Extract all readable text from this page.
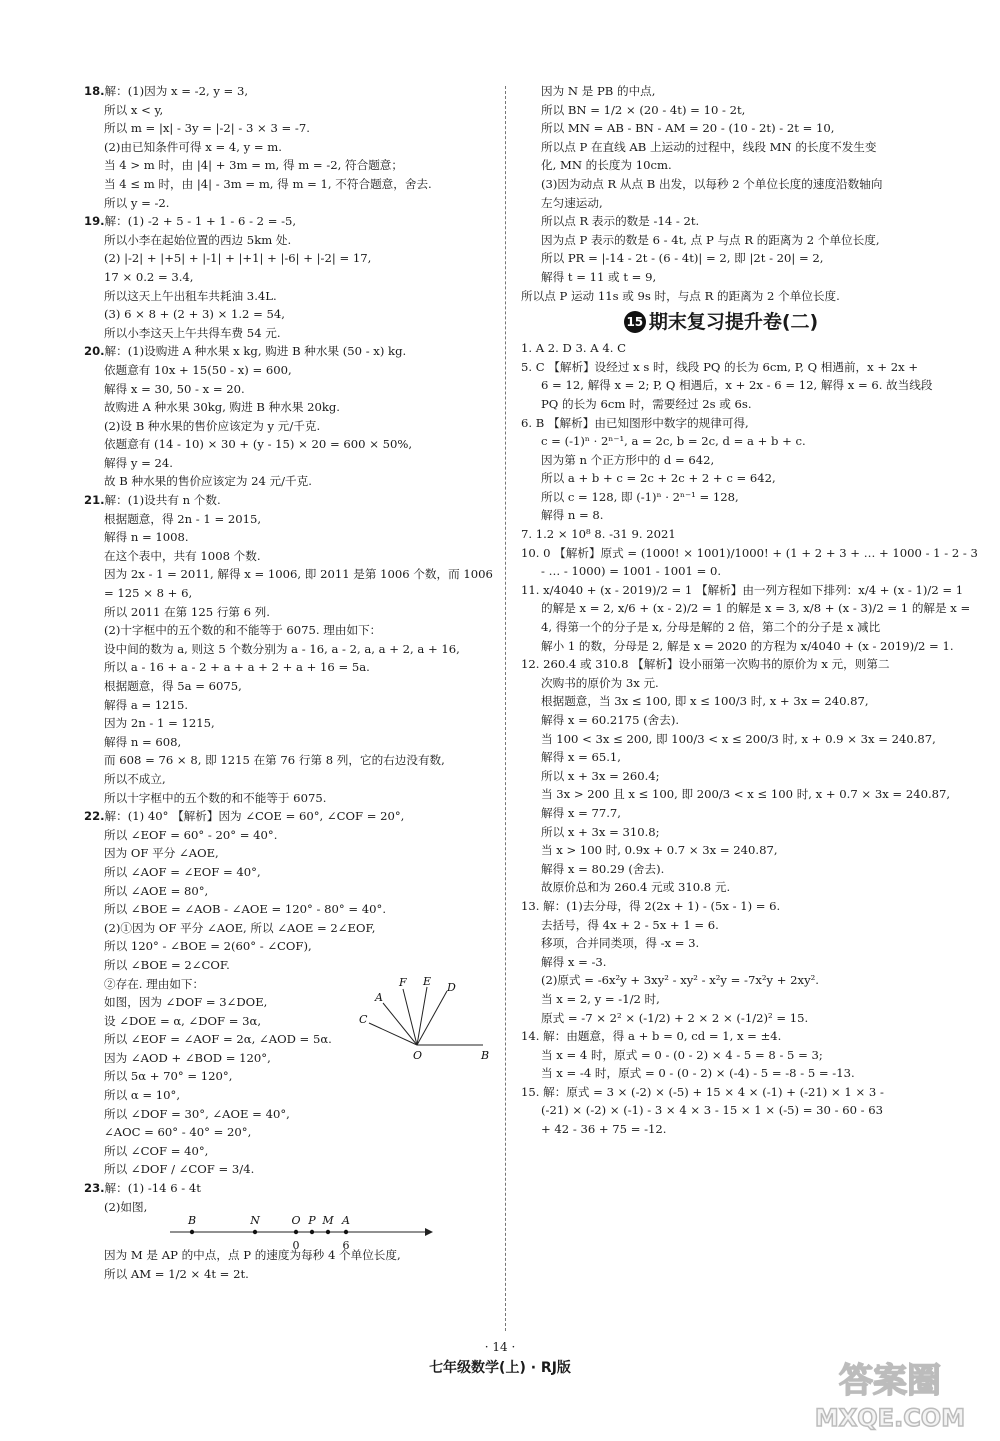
18.解：(1)因为 x = -2, y = 3,
所以 x < y,
所以 m = |x| - 3y = |-2| - 3 × 3 = -7.
(2)由已知条件可得 x = 4, y = m.
当 4 > m 时，由 |4| + 3m = m, 得 m = -2, 符合题意；
当 4 ≤ m 时，由 |4| - 3m = m, 得 m = 1, 不符合题意，舍去.
所以 y = -2.
19.解：(1) -2 + 5 - 1 + 1 - 6 - 2 = -5,
所以小李在起始位置的西边 5km 处.
(2) |-2| + |+5| + |-1| + |+1| + |-6| + |-2| = 17,
17 × 0.2 = 3.4,
所以这天上午出租车共耗油 3.4L.
(3) 6 × 8 + (2 + 3) × 1.2 = 54,
所以小李这天上午共得车费 54 元.
20.解：(1)设购进 A 种水果 x kg, 购进 B 种水果 (50 - x) kg.
依题意有 10x + 15(50 - x) = 600,
解得 x = 30, 50 - x = 20.
故购进 A 种水果 30kg, 购进 B 种水果 20kg.
(2)设 B 种水果的售价应该定为 y 元/千克.
依题意有 (14 - 10) × 30 + (y - 15) × 20 = 600 × 50%,
解得 y = 24.
故 B 种水果的售价应该定为 24 元/千克.
21.解：(1)设共有 n 个数.
根据题意，得 2n - 1 = 2015,
解得 n = 1008.
在这个表中，共有 1008 个数.
因为 2x - 1 = 2011, 解得 x = 1006, 即 2011 是第 1006 个数，而 1006
= 125 × 8 + 6,
所以 2011 在第 125 行第 6 列.
(2)十字框中的五个数的和不能等于 6075. 理由如下：
设中间的数为 a, 则这 5 个数分别为 a - 16, a - 2, a, a + 2, a + 16,
所以 a - 16 + a - 2 + a + a + 2 + a + 16 = 5a.
根据题意，得 5a = 6075,
解得 a = 1215.
因为 2n - 1 = 1215,
解得 n = 608,
而 608 = 76 × 8, 即 1215 在第 76 行第 8 列，它的右边没有数,
所以不成立,
所以十字框中的五个数的和不能等于 6075.
22.解：(1) 40° 【解析】因为 ∠COE = 60°, ∠COF = 20°,
所以 ∠EOF = 60° - 20° = 40°.
因为 OF 平分 ∠AOE,
所以 ∠AOF = ∠EOF = 40°,
所以 ∠AOE = 80°,
所以 ∠BOE = ∠AOB - ∠AOE = 120° - 80° = 40°.
(2)①因为 OF 平分 ∠AOE, 所以 ∠AOE = 2∠EOF,
所以 120° - ∠BOE = 2(60° - ∠COF),
所以 ∠BOE = 2∠COF.
②存在. 理由如下：
如图，因为 ∠DOF = 3∠DOE,
设 ∠DOE = α, ∠DOF = 3α,
所以 ∠EOF = ∠AOF = 2α, ∠AOD = 5α.
因为 ∠AOD + ∠BOD = 120°,
所以 5α + 70° = 120°,
所以 α = 10°,
所以 ∠DOF = 30°, ∠AOE = 40°,
∠AOC = 60° - 40° = 20°,
所以 ∠COF = 40°,
所以 ∠DOF / ∠COF = 3/4.
23.解：(1) -14 6 - 4t
(2)如图,
因为 M 是 AP 的中点，点 P 的速度为每秒 4 个单位长度,
所以 AM = 1/2 × 4t = 2t.
因为 N 是 PB 的中点,
所以 BN = 1/2 × (20 - 4t) = 10 - 2t,
所以 MN = AB - BN - AM = 20 - (10 - 2t) - 2t = 10,
所以点 P 在直线 AB 上运动的过程中，线段 MN 的长度不发生变
化, MN 的长度为 10cm.
(3)因为动点 R 从点 B 出发，以每秒 2 个单位长度的速度沿数轴向
左匀速运动,
所以点 R 表示的数是 -14 - 2t.
因为点 P 表示的数是 6 - 4t, 点 P 与点 R 的距离为 2 个单位长度,
所以 PR = |-14 - 2t - (6 - 4t)| = 2, 即 |2t - 20| = 2,
解得 t = 11 或 t = 9,
所以点 P 运动 11s 或 9s 时，与点 R 的距离为 2 个单位长度.
15 期末复习提升卷(二)
1. A 2. D 3. A 4. C
5. C 【解析】设经过 x s 时，线段 PQ 的长为 6cm, P, Q 相遇前，x + 2x +
6 = 12, 解得 x = 2; P, Q 相遇后，x + 2x - 6 = 12, 解得 x = 6. 故当线段
PQ 的长为 6cm 时，需要经过 2s 或 6s.
6. B 【解析】由已知图形中数字的规律可得,
c = (-1)ⁿ · 2ⁿ⁻¹, a = 2c, b = 2c, d = a + b + c.
因为第 n 个正方形中的 d = 642,
所以 a + b + c = 2c + 2c + 2 + c = 642,
所以 c = 128, 即 (-1)ⁿ · 2ⁿ⁻¹ = 128,
解得 n = 8.
7. 1.2 × 10⁸ 8. -31 9. 2021
10. 0 【解析】原式 = (1000! × 1001)/1000! + (1 + 2 + 3 + … + 1000 - 1 - 2 - 3
- … - 1000) = 1001 - 1001 = 0.
11. x/4040 + (x - 2019)/2 = 1 【解析】由一列方程如下排列：x/4 + (x - 1)/2 = 1
的解是 x = 2, x/6 + (x - 2)/2 = 1 的解是 x = 3, x/8 + (x - 3)/2 = 1 的解是 x =
4, 得第一个的分子是 x, 分母是解的 2 倍，第二个的分子是 x 减比
解小 1 的数，分母是 2, 解是 x = 2020 的方程为 x/4040 + (x - 2019)/2 = 1.
12. 260.4 或 310.8 【解析】设小丽第一次购书的原价为 x 元，则第二
次购书的原价为 3x 元.
根据题意，当 3x ≤ 100, 即 x ≤ 100/3 时, x + 3x = 240.87,
解得 x = 60.2175 (舍去).
当 100 < 3x ≤ 200, 即 100/3 < x ≤ 200/3 时, x + 0.9 × 3x = 240.87,
解得 x = 65.1,
所以 x + 3x = 260.4;
当 3x > 200 且 x ≤ 100, 即 200/3 < x ≤ 100 时, x + 0.7 × 3x = 240.87,
解得 x = 77.7,
所以 x + 3x = 310.8;
当 x > 100 时, 0.9x + 0.7 × 3x = 240.87,
解得 x = 80.29 (舍去).
故原价总和为 260.4 元或 310.8 元.
13. 解：(1)去分母，得 2(2x + 1) - (5x - 1) = 6.
去括号，得 4x + 2 - 5x + 1 = 6.
移项，合并同类项，得 -x = 3.
解得 x = -3.
(2)原式 = -6x²y + 3xy² - xy² - x²y = -7x²y + 2xy².
当 x = 2, y = -1/2 时,
原式 = -7 × 2² × (-1/2) + 2 × 2 × (-1/2)² = 15.
14. 解：由题意，得 a + b = 0, cd = 1, x = ±4.
当 x = 4 时，原式 = 0 - (0 - 2) × 4 - 5 = 8 - 5 = 3;
当 x = -4 时，原式 = 0 - (0 - 2) × (-4) - 5 = -8 - 5 = -13.
15. 解：原式 = 3 × (-2) × (-5) + 15 × 4 × (-1) + (-21) × 1 × 3 -
(-21) × (-2) × (-1) - 3 × 4 × 3 - 15 × 1 × (-5) = 30 - 60 - 63
+ 42 - 36 + 75 = -12.
A
F E D
C
O	B
B	N	O P M A
0	6
· 14 ·
七年级数学(上) · RJ版	答案圈
MXQE.COM
